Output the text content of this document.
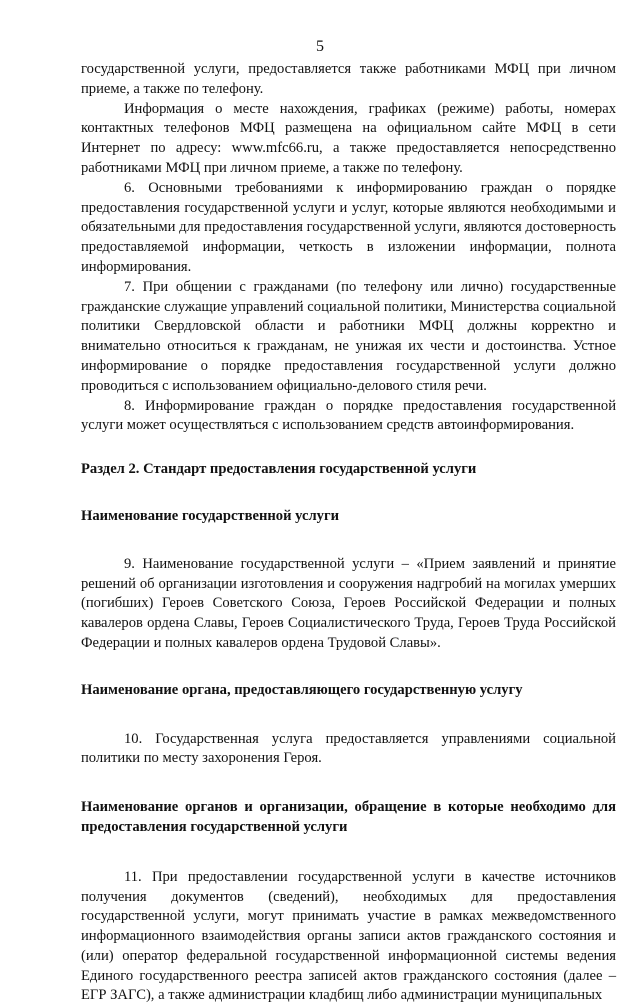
5

государственной услуги, предоставляется также работниками МФЦ при личном приеме, а также по телефону.

Информация о месте нахождения, графиках (режиме) работы, номерах контактных телефонов МФЦ размещена на официальном сайте МФЦ в сети Интернет по адресу: www.mfc66.ru, а также предоставляется непосредственно работниками МФЦ при личном приеме, а также по телефону.

6. Основными требованиями к информированию граждан о порядке предоставления государственной услуги и услуг, которые являются необходимыми и обязательными для предоставления государственной услуги, являются достоверность предоставляемой информации, четкость в изложении информации, полнота информирования.

7. При общении с гражданами (по телефону или лично) государственные гражданские служащие управлений социальной политики, Министерства социальной политики Свердловской области и работники МФЦ должны корректно и внимательно относиться к гражданам, не унижая их чести и достоинства. Устное информирование о порядке предоставления государственной услуги должно проводиться с использованием официально-делового стиля речи.

8. Информирование граждан о порядке предоставления государственной услуги может осуществляться с использованием средств автоинформирования.

Раздел 2. Стандарт предоставления государственной услуги

Наименование государственной услуги

9. Наименование государственной услуги – «Прием заявлений и принятие решений об организации изготовления и сооружения надгробий на могилах умерших (погибших) Героев Советского Союза, Героев Российской Федерации и полных кавалеров ордена Славы, Героев Социалистического Труда, Героев Труда Российской Федерации и полных кавалеров ордена Трудовой Славы».

Наименование органа, предоставляющего государственную услугу

10. Государственная услуга предоставляется управлениями социальной политики по месту захоронения Героя.

Наименование органов и организации, обращение в которые необходимо для предоставления государственной услуги

11. При предоставлении государственной услуги в качестве источников получения документов (сведений), необходимых для предоставления государственной услуги, могут принимать участие в рамках межведомственного информационного взаимодействия органы записи актов гражданского состояния и (или) оператор федеральной государственной информационной системы ведения Единого государственного реестра записей актов гражданского состояния (далее – ЕГР ЗАГС), а также администрации кладбищ либо администрации муниципальных
